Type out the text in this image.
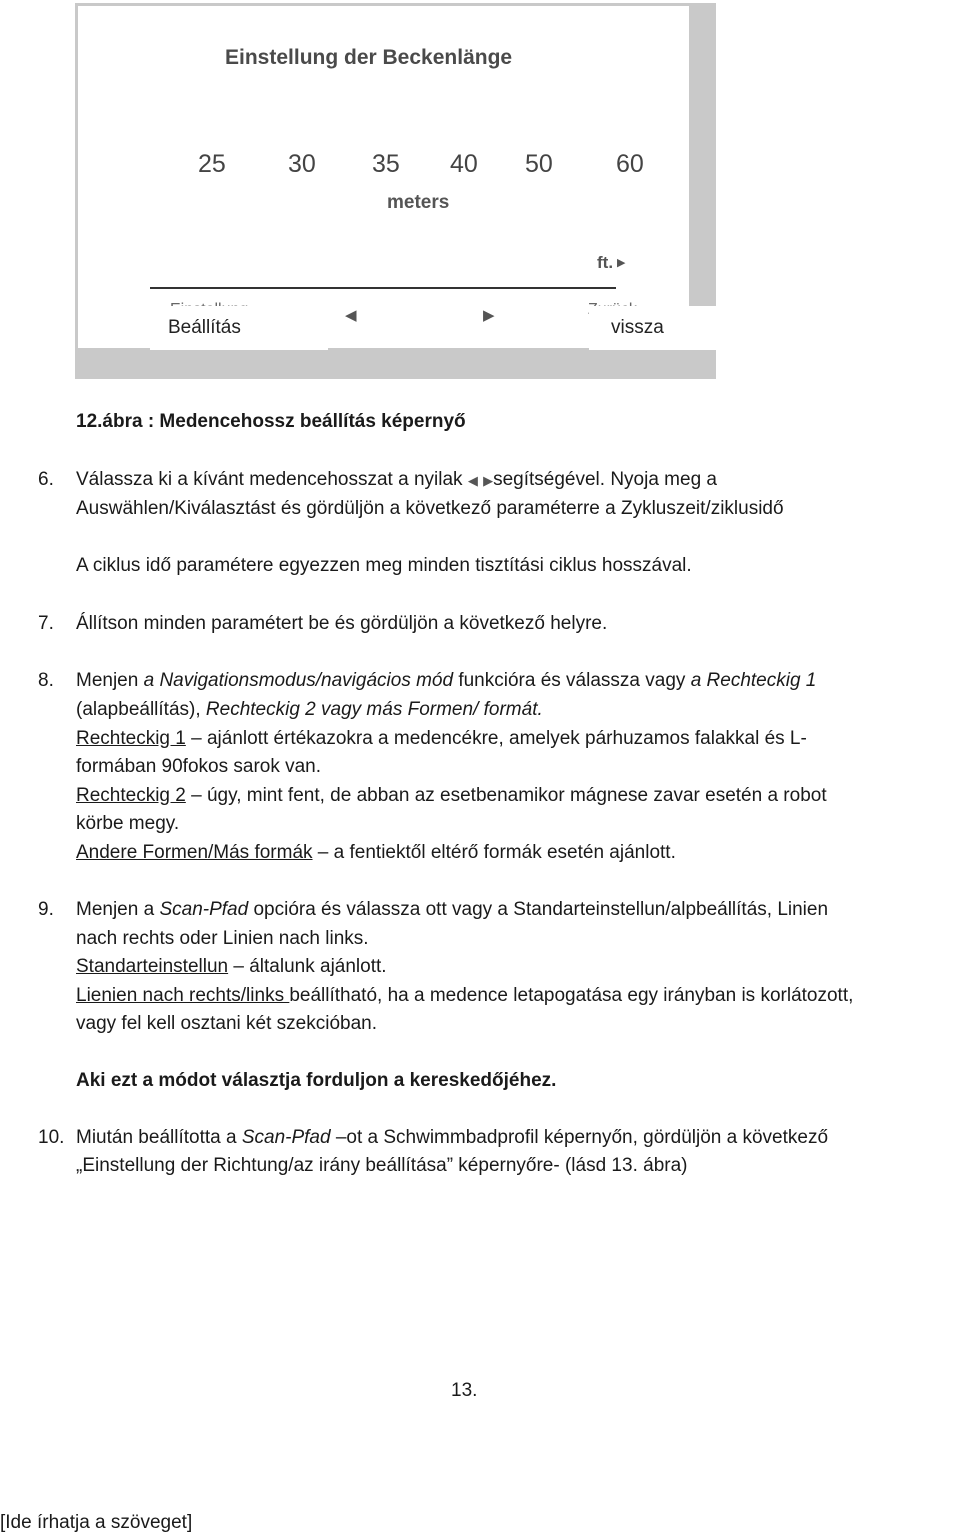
Einstellung der Beckenlänge
25 30 35 40 50	60
meters
ft. ▶
Beállítás	vissza
◀	▶
12.ábra : Medencehossz beállítás képernyő
6. Válassza ki a kívánt medencehosszat a nyilak ◀ ▶segítségével. Nyoja meg a
Auswählen/Kiválasztást és gördüljön a következő paraméterre a Zykluszeit/ziklusidő
A ciklus idő paramétere egyezzen meg minden tisztítási ciklus hosszával.
7. Állítson minden paramétert be és gördüljön a következő helyre.
8. Menjen a Navigationsmodus/navigácios mód funkcióra és válassza vagy a Rechteckig 1
(alapbeállítás), Rechteckig 2 vagy más Formen/ formát.
Rechteckig 1 – ajánlott értékazokra a medencékre, amelyek párhuzamos falakkal és L-
formában 90fokos sarok van.
Rechteckig 2 – úgy, mint fent, de abban az esetbenamikor mágnese zavar esetén a robot
körbe megy.
Andere Formen/Más formák – a fentiektől eltérő formák esetén ajánlott.
9. Menjen a Scan-Pfad opcióra és válassza ott vagy a Standarteinstellun/alpbeállítás, Linien
nach rechts oder Linien nach links.
Standarteinstellun – általunk ajánlott.
Lienien nach rechts/links beállítható, ha a medence letapogatása egy irányban is korlátozott,
vagy fel kell osztani két szekcióban.
Aki ezt a módot választja forduljon a kereskedőjéhez.
10. Miután beállította a Scan-Pfad –ot a Schwimmbadprofil képernyőn, gördüljön a következő
„Einstellung der Richtung/az irány beállítása” képernyőre- (lásd 13. ábra)
13.
[Ide írhatja a szöveget]
